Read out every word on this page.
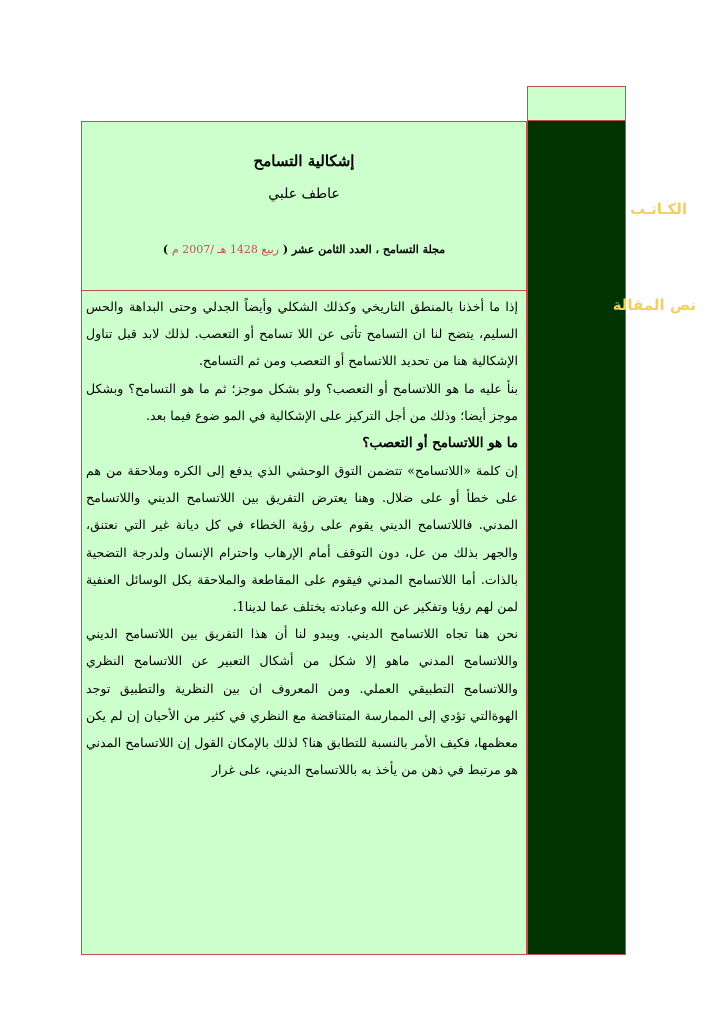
الكـاتـب
نص المقالة
إشكالية التسامح
عاطف علبي
مجلة التسامح ، العدد الثامن عشر ( ربيع 1428 هـ /2007 م )

إذا ما أخذنا بالمنطق التاريخي وكذلك الشكلي وأيضاً الجدلي وحتى البداهة والحس السليم، يتضح لنا ان التسامح تأتى عن اللا تسامح أو التعصب. لذلك لابد قبل تناول الإشكالية هنا من تحديد اللاتسامح أو التعصب ومن ثم التسامح.

بنأ عليه ما هو اللاتسامح أو التعصب؟ ولو بشكل موجز؛ ثم ما هو التسامح؟ وبشكل موجز أيضا؛ وذلك من أجل التركيز على الإشكالية في المو ضوع فيما بعد.

ما هو اللاتسامح أو التعصب؟

إن كلمة «اللاتسامح» تتضمن التوق الوحشي الذي يدفع إلى الكره وملاحقة من هم على خطأ أو على ضلال. وهنا يعترض التفريق بين اللاتسامح الديني واللاتسامح المدني. فاللاتسامح الديني يقوم على رؤية الخطاء في كل ديانة غير التي نعتنق، والجهر بذلك من عل، دون التوقف أمام الإرهاب واحترام الإنسان ولدرجة التضحية بالذات. أما اللاتسامح المدني فيقوم على المقاطعة والملاحقة بكل الوسائل العنفية لمن لهم رؤيا وتفكير عن الله وعبادته يختلف عما لدينا1.

نحن هنا تجاه اللاتسامح الديني. ويبدو لنا أن هذا التفريق بين اللاتسامح الديني واللاتسامح المدني ماهو إلا شكل من أشكال التعبير عن اللاتسامح النظري واللاتسامح التطبيقي العملي. ومن المعروف ان بين النظرية والتطبيق توجد الهوةالتي تؤدي إلى الممارسة المتناقضة مع النظري في كثير من الأحيان إن لم يكن معظمها، فكيف الأمر بالنسبة للتطابق هنا؟ لذلك بالإمكان القول إن اللاتسامح المدني هو مرتبط في ذهن من يأخذ به باللاتسامح الديني، على غرار
